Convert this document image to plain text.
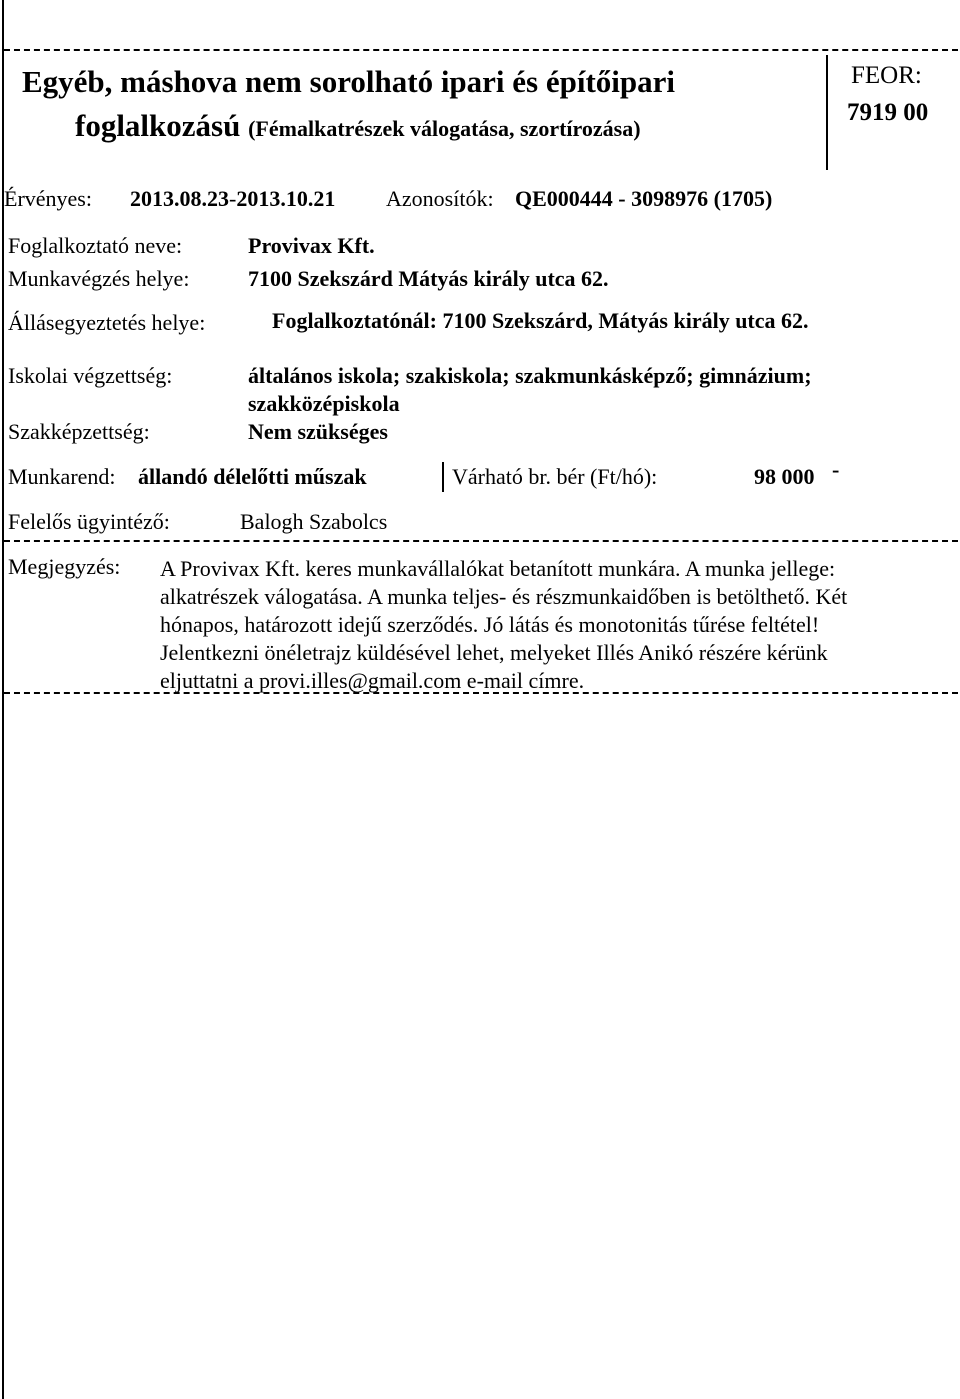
Egyéb, máshova nem sorolható ipari és építőipari
foglalkozású (Fémalkatrészek válogatása, szortírozása)
FEOR:
7919 00
Érvényes: 2013.08.23-2013.10.21 Azonosítók: QE000444 - 3098976 (1705)
Foglalkoztató neve:	Provivax Kft.
Munkavégzés helye:	7100 Szekszárd Mátyás király utca 62.
Állásegyeztetés helye:	Foglalkoztatónál: 7100 Szekszárd, Mátyás király utca 62.
Iskolai végzettség:	általános iskola; szakiskola; szakmunkásképző; gimnázium;
szakközépiskola
Szakképzettség:	Nem szükséges
Munkarend: állandó délelőtti műszak	Várható br. bér (Ft/hó):	98 000 -
Felelős ügyintéző:	Balogh Szabolcs
Megjegyzés: A Provivax Kft. keres munkavállalókat betanított munkára. A munka jellege:
alkatrészek válogatása. A munka teljes- és részmunkaidőben is betölthető. Két
hónapos, határozott idejű szerződés. Jó látás és monotonitás tűrése feltétel!
Jelentkezni önéletrajz küldésével lehet, melyeket Illés Anikó részére kérünk
eljuttatni a provi.illes@gmail.com e-mail címre.
